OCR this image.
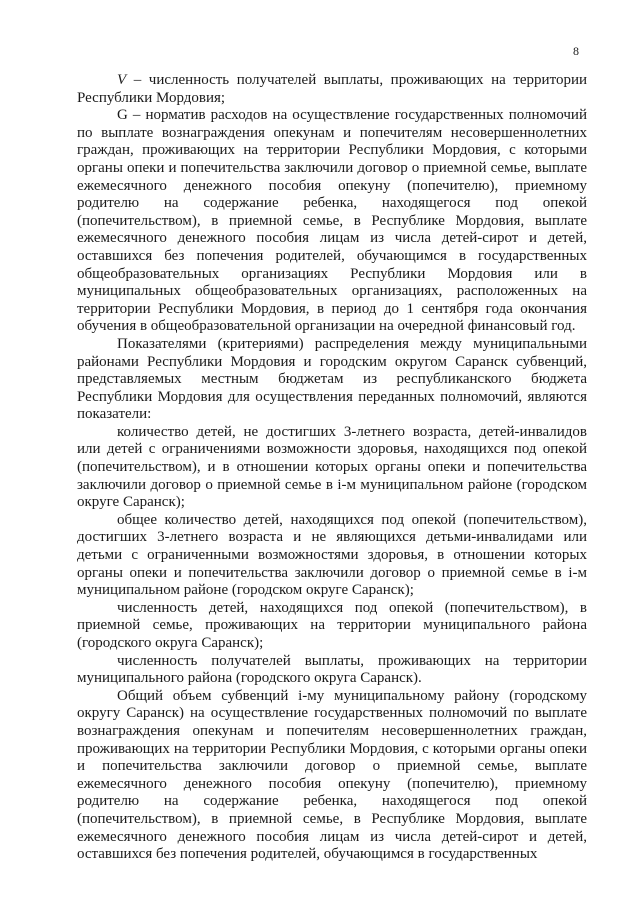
8

V – численность получателей выплаты, проживающих на территории Республики Мордовия;

G – норматив расходов на осуществление государственных полномочий по выплате вознаграждения опекунам и попечителям несовершеннолетних граждан, проживающих на территории Республики Мордовия, с которыми органы опеки и попечительства заключили договор о приемной семье, выплате ежемесячного денежного пособия опекуну (попечителю), приемному родителю на содержание ребенка, находящегося под опекой (попечительством), в приемной семье, в Республике Мордовия, выплате ежемесячного денежного пособия лицам из числа детей-сирот и детей, оставшихся без попечения родителей, обучающимся в государственных общеобразовательных организациях Республики Мордовия или в муниципальных общеобразовательных организациях, расположенных на территории Республики Мордовия, в период до 1 сентября года окончания обучения в общеобразовательной организации на очередной финансовый год.

Показателями (критериями) распределения между муниципальными районами Республики Мордовия и городским округом Саранск субвенций, представляемых местным бюджетам из республиканского бюджета Республики Мордовия для осуществления переданных полномочий, являются показатели:

количество детей, не достигших 3-летнего возраста, детей-инвалидов или детей с ограничениями возможности здоровья, находящихся под опекой (попечительством), и в отношении которых органы опеки и попечительства заключили договор о приемной семье в i-м муниципальном районе (городском округе Саранск);

общее количество детей, находящихся под опекой (попечительством), достигших 3-летнего возраста и не являющихся детьми-инвалидами или детьми с ограниченными возможностями здоровья, в отношении которых органы опеки и попечительства заключили договор о приемной семье в i-м муниципальном районе (городском округе Саранск);

численность детей, находящихся под опекой (попечительством), в приемной семье, проживающих на территории муниципального района (городского округа Саранск);

численность получателей выплаты, проживающих на территории муниципального района (городского округа Саранск).

Общий объем субвенций i-му муниципальному району (городскому округу Саранск) на осуществление государственных полномочий по выплате вознаграждения опекунам и попечителям несовершеннолетних граждан, проживающих на территории Республики Мордовия, с которыми органы опеки и попечительства заключили договор о приемной семье, выплате ежемесячного денежного пособия опекуну (попечителю), приемному родителю на содержание ребенка, находящегося под опекой (попечительством), в приемной семье, в Республике Мордовия, выплате ежемесячного денежного пособия лицам из числа детей-сирот и детей, оставшихся без попечения родителей, обучающимся в государственных
